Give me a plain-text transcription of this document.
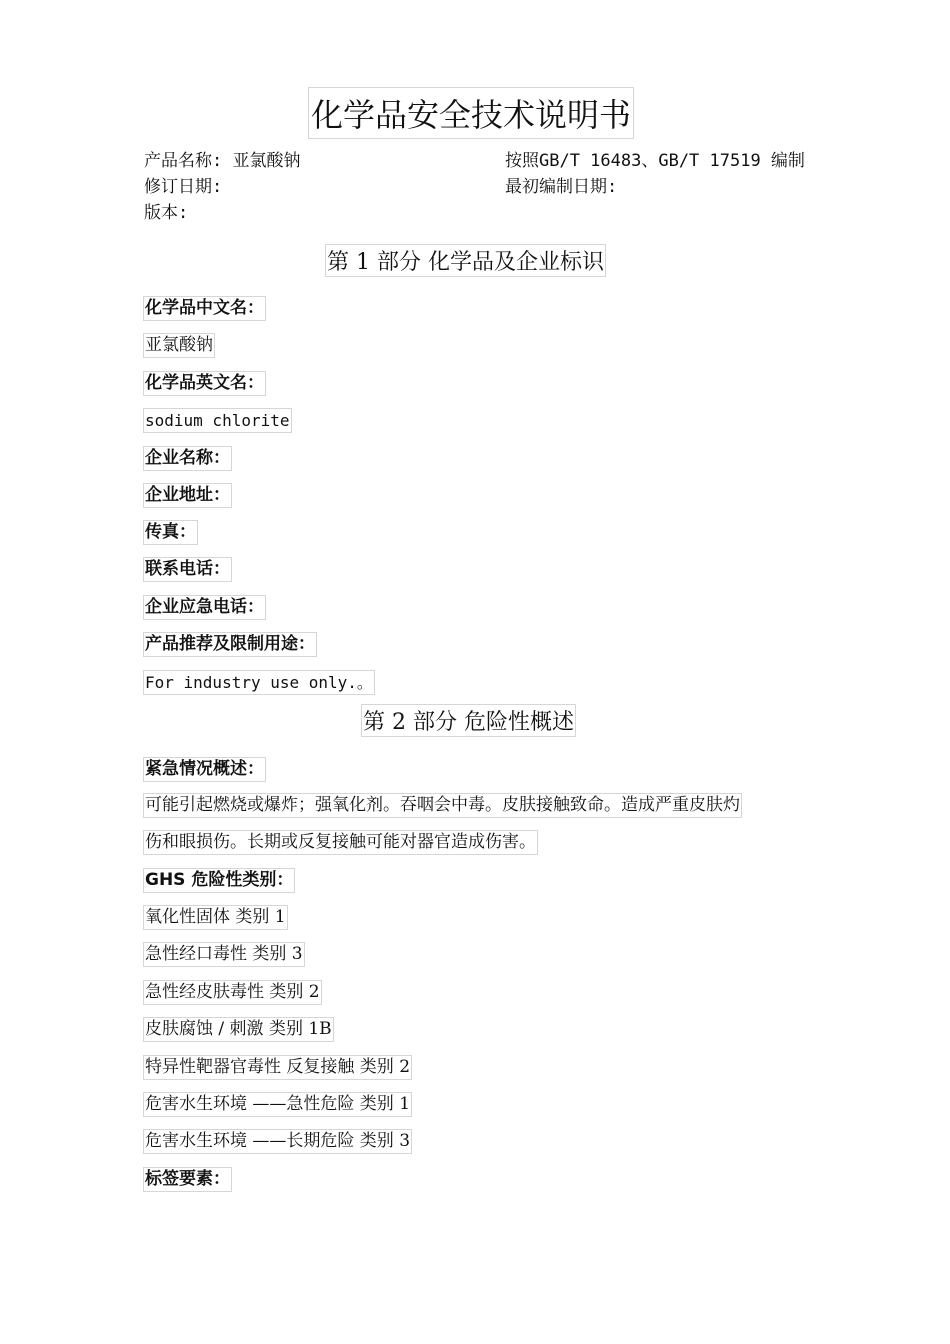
化学品安全技术说明书
产品名称: 亚氯酸钠	按照GB/T 16483、GB/T 17519 编制
修订日期:	最初编制日期:
版本:
第 1 部分 化学品及企业标识
化学品中文名：
亚氯酸钠
化学品英文名：
sodium chlorite
企业名称：
企业地址：
传真：
联系电话：
企业应急电话：
产品推荐及限制用途：
For industry use only.。
第 2 部分 危险性概述
紧急情况概述：
可能引起燃烧或爆炸；强氧化剂。吞咽会中毒。皮肤接触致命。造成严重皮肤灼
伤和眼损伤。长期或反复接触可能对器官造成伤害。
GHS 危险性类别：
氧化性固体 类别 1
急性经口毒性 类别 3
急性经皮肤毒性 类别 2
皮肤腐蚀 / 刺激 类别 1B
特异性靶器官毒性 反复接触 类别 2
危害水生环境 ——急性危险 类别 1
危害水生环境 ——长期危险 类别 3
标签要素：
